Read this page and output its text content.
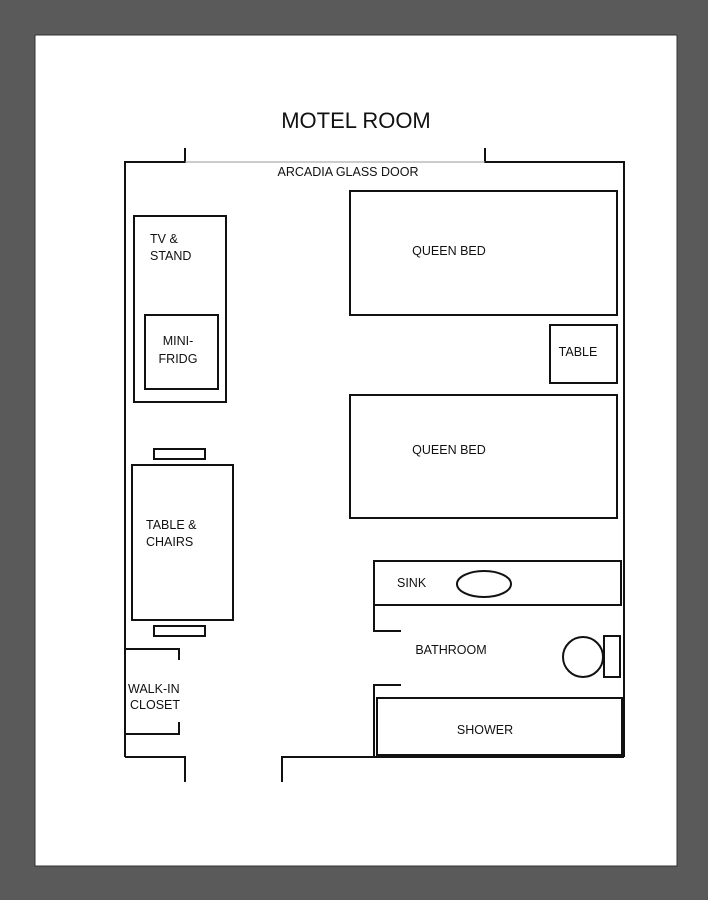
MOTEL ROOM
ARCADIA GLASS DOOR
TV &
STAND
MINI-
FRIDG
QUEEN BED
TABLE
QUEEN BED
TABLE &
CHAIRS
WALK-IN
CLOSET
SINK
BATHROOM
SHOWER
